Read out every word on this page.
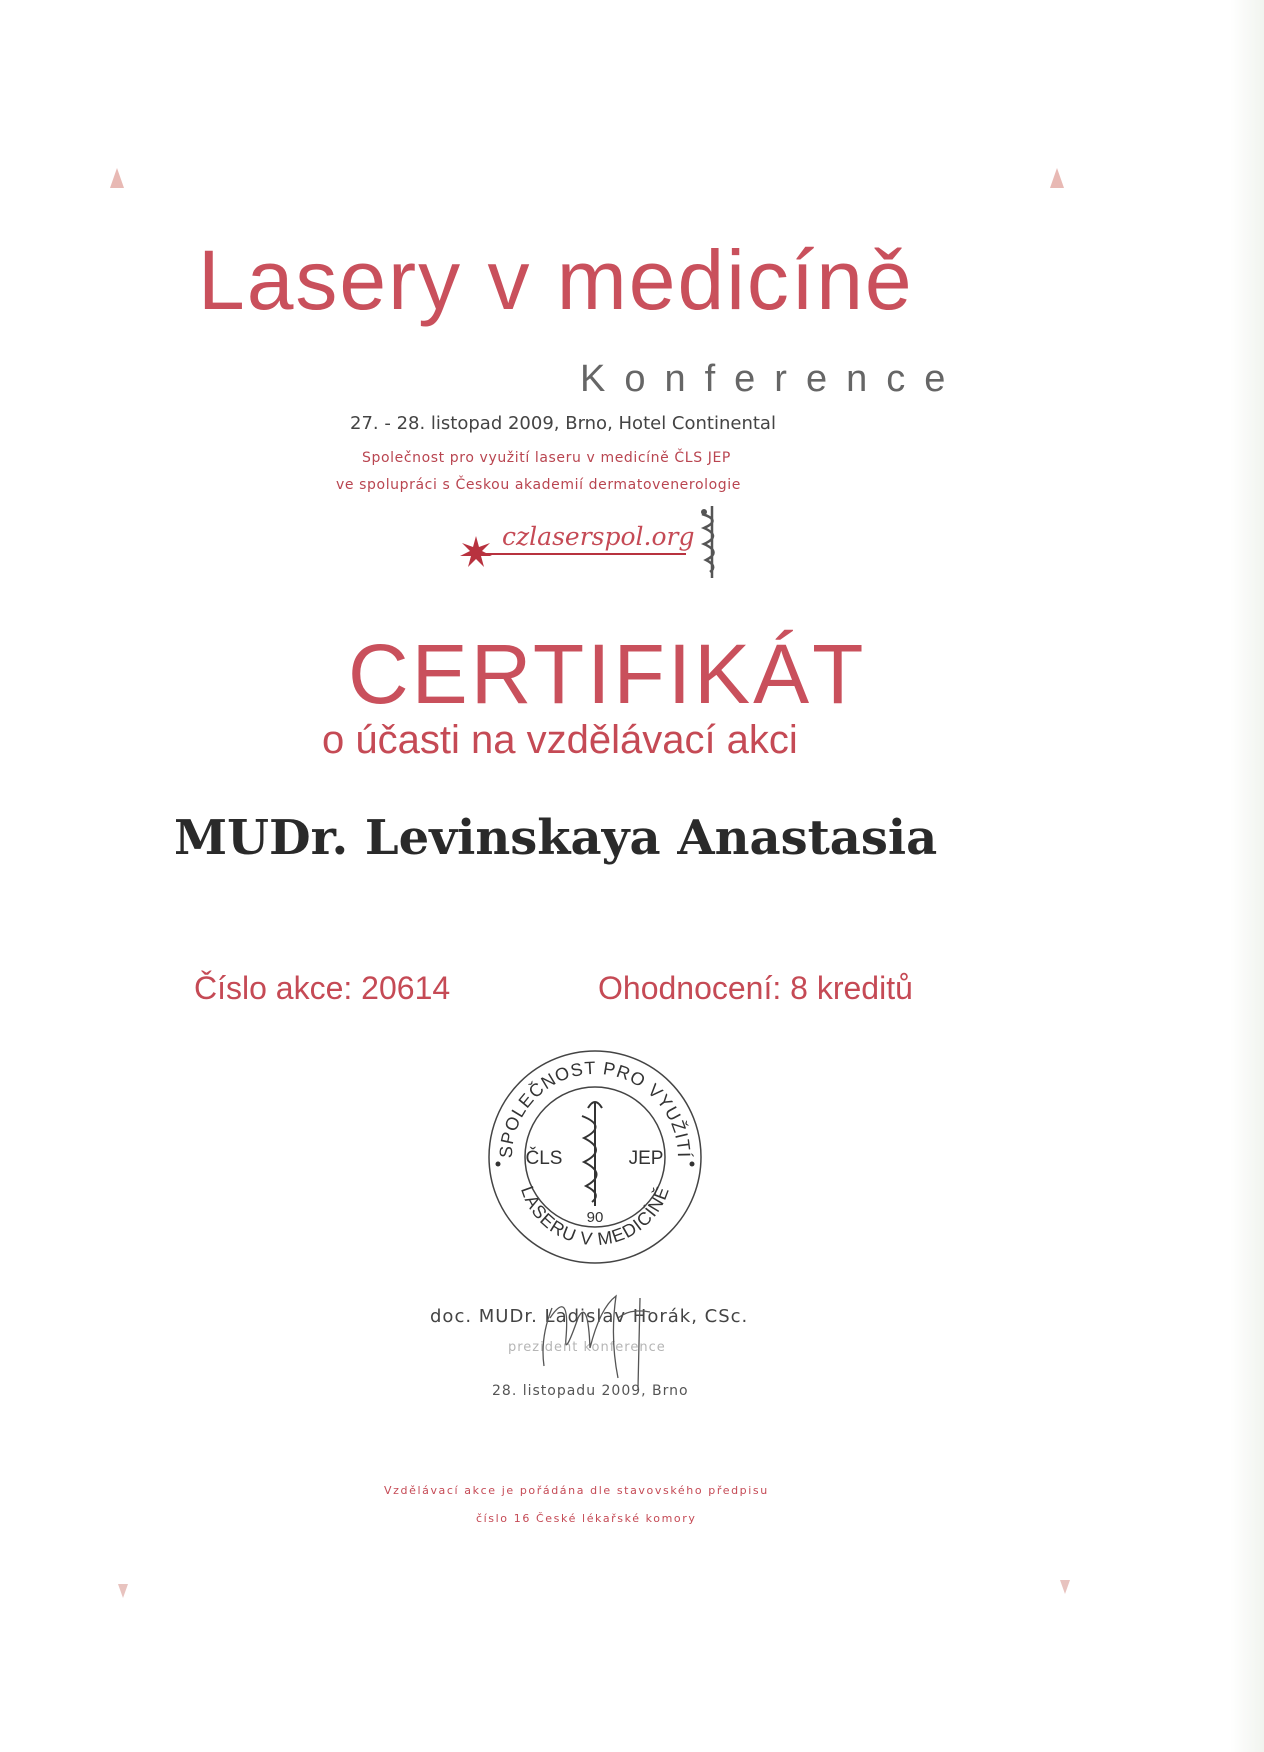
Lasery v medicíně
Konference
27. - 28. listopad 2009, Brno, Hotel Continental
Společnost pro využití laseru v medicíně ČLS JEP
ve spolupráci s Českou akademií dermatovenerologie
czlaserspol.org
CERTIFIKÁT
o účasti na vzdělávací akci
MUDr. Levinskaya Anastasia
Číslo akce: 20614	Ohodnocení: 8 kreditů
SPOLEČNOST PRO VYUŽITÍ
LASERU V MEDICÍNĚ
ČLS	JEP
90
doc. MUDr. Ladislav Horák, CSc.
prezident konference
28. listopadu 2009, Brno
Vzdělávací akce je pořádána dle stavovského předpisu
číslo 16 České lékařské komory
